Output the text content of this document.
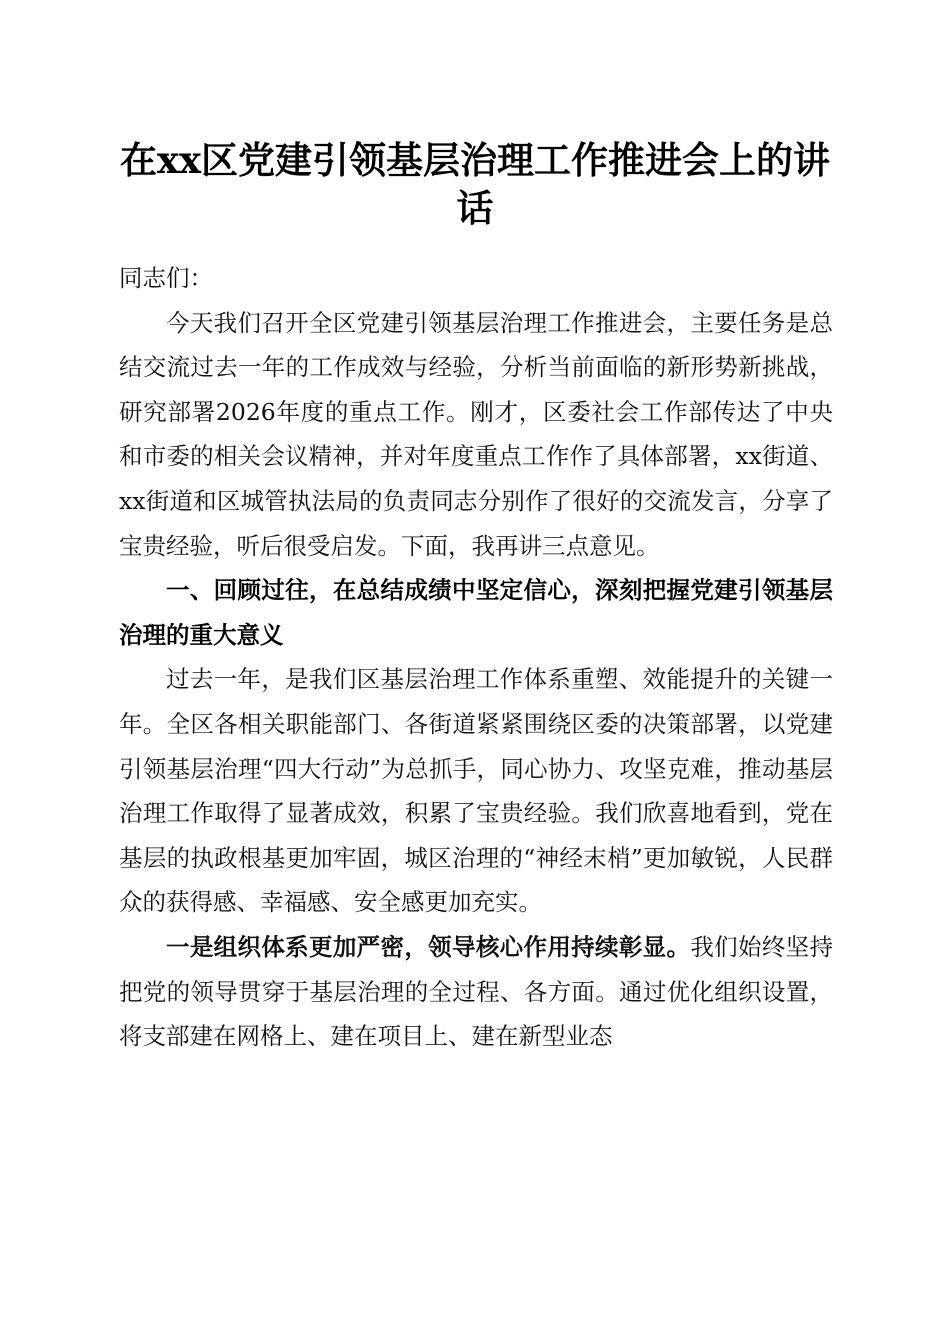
在xx区党建引领基层治理工作推进会上的讲话

同志们：

今天我们召开全区党建引领基层治理工作推进会，主要任务是总结交流过去一年的工作成效与经验，分析当前面临的新形势新挑战，研究部署2026年度的重点工作。刚才，区委社会工作部传达了中央和市委的相关会议精神，并对年度重点工作作了具体部署，xx街道、xx街道和区城管执法局的负责同志分别作了很好的交流发言，分享了宝贵经验，听后很受启发。下面，我再讲三点意见。

一、回顾过往，在总结成绩中坚定信心，深刻把握党建引领基层治理的重大意义

过去一年，是我们区基层治理工作体系重塑、效能提升的关键一年。全区各相关职能部门、各街道紧紧围绕区委的决策部署，以党建引领基层治理“四大行动”为总抓手，同心协力、攻坚克难，推动基层治理工作取得了显著成效，积累了宝贵经验。我们欣喜地看到，党在基层的执政根基更加牢固，城区治理的“神经末梢”更加敏锐，人民群众的获得感、幸福感、安全感更加充实。

一是组织体系更加严密，领导核心作用持续彰显。我们始终坚持把党的领导贯穿于基层治理的全过程、各方面。通过优化组织设置，将支部建在网格上、建在项目上、建在新型业态
